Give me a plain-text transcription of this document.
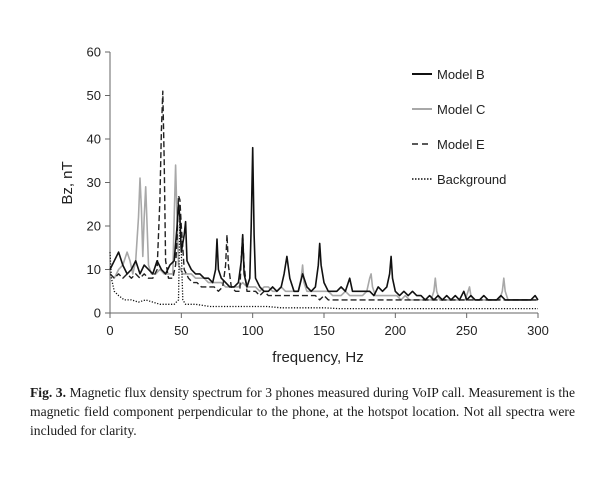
0
10
20
30
40
50
60
0	50	100	150	200	250	300
Model B
Model C
Model E
Background
frequency, Hz
Bz, nT
Fig. 3. Magnetic flux density spectrum for 3 phones measured during VoIP call. Measurement is the magnetic field component perpendicular to the phone, at the hotspot location. Not all spectra were included for clarity.
